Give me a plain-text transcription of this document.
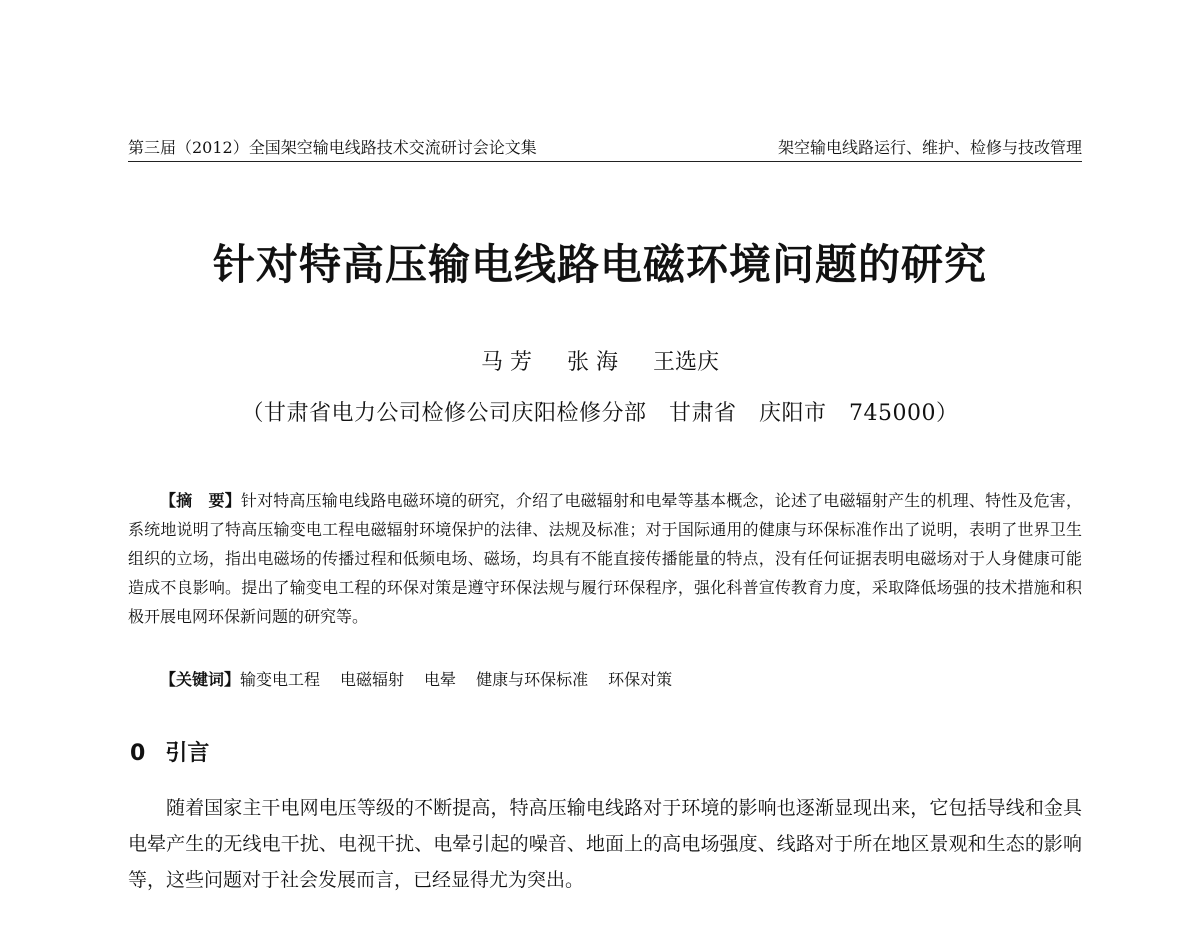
第三届（2012）全国架空输电线路技术交流研讨会论文集	架空输电线路运行、维护、检修与技改管理
针对特高压输电线路电磁环境问题的研究
马 芳 张 海 王选庆
（甘肃省电力公司检修公司庆阳检修分部　甘肃省　庆阳市　745000）
【摘　要】针对特高压输电线路电磁环境的研究，介绍了电磁辐射和电晕等基本概念，论述了电磁辐射产生的机理、特性及危害，系统地说明了特高压输变电工程电磁辐射环境保护的法律、法规及标准；对于国际通用的健康与环保标准作出了说明，表明了世界卫生组织的立场，指出电磁场的传播过程和低频电场、磁场，均具有不能直接传播能量的特点，没有任何证据表明电磁场对于人身健康可能造成不良影响。提出了输变电工程的环保对策是遵守环保法规与履行环保程序，强化科普宣传教育力度，采取降低场强的技术措施和积极开展电网环保新问题的研究等。
【关键词】输变电工程 电磁辐射 电晕 健康与环保标准 环保对策
0 引言
随着国家主干电网电压等级的不断提高，特高压输电线路对于环境的影响也逐渐显现出来，它包括导线和金具电晕产生的无线电干扰、电视干扰、电晕引起的噪音、地面上的高电场强度、线路对于所在地区景观和生态的影响等，这些问题对于社会发展而言，已经显得尤为突出。
